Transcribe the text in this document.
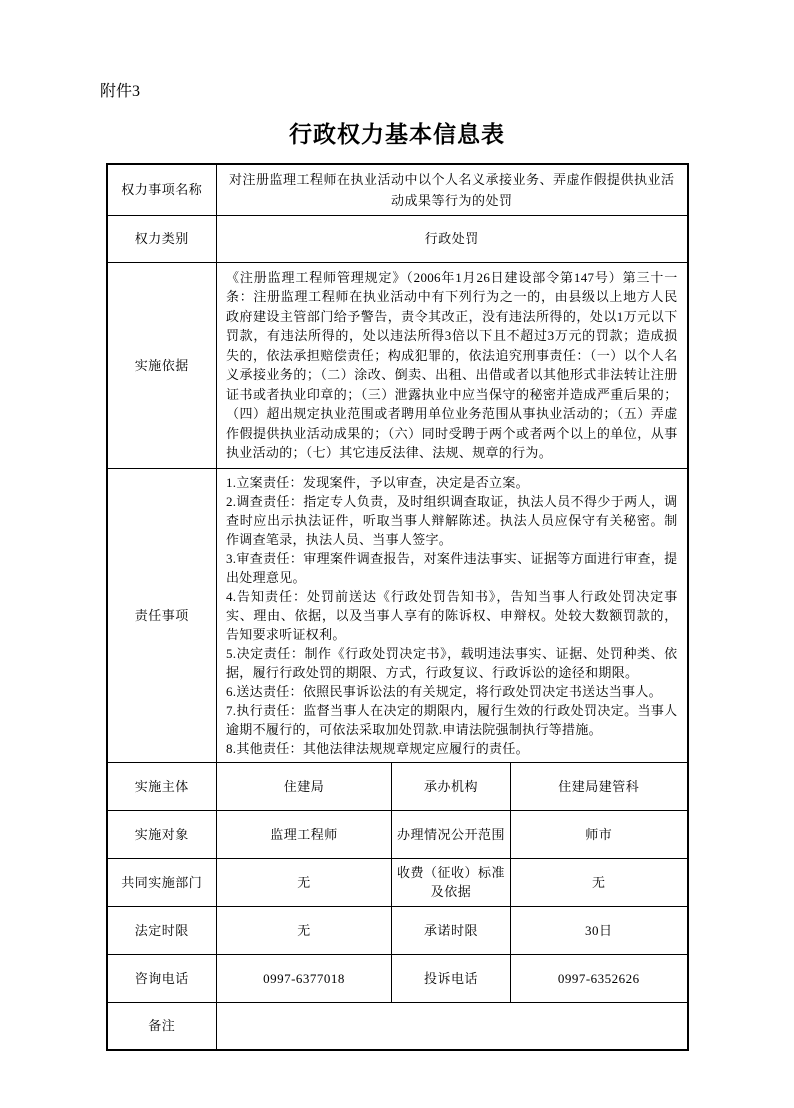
附件3
行政权力基本信息表
权力事项名称	对注册监理工程师在执业活动中以个人名义承接业务、弄虚作假提供执业活动成果等行为的处罚		
权力类别	行政处罚		
实施依据	《注册监理工程师管理规定》（2006年1月26日建设部令第147号）第三十一条：注册监理工程师在执业活动中有下列行为之一的，由县级以上地方人民政府建设主管部门给予警告，责令其改正，没有违法所得的，处以1万元以下罚款，有违法所得的，处以违法所得3倍以下且不超过3万元的罚款；造成损失的，依法承担赔偿责任；构成犯罪的，依法追究刑事责任：（一）以个人名义承接业务的；（二）涂改、倒卖、出租、出借或者以其他形式非法转让注册证书或者执业印章的；（三）泄露执业中应当保守的秘密并造成严重后果的；（四）超出规定执业范围或者聘用单位业务范围从事执业活动的；（五）弄虚作假提供执业活动成果的；（六）同时受聘于两个或者两个以上的单位，从事执业活动的；（七）其它违反法律、法规、规章的行为。		
责任事项	
1.立案责任：发现案件，予以审查，决定是否立案。
2.调查责任：指定专人负责，及时组织调查取证，执法人员不得少于两人，调查时应出示执法证件，听取当事人辩解陈述。执法人员应保守有关秘密。制作调查笔录，执法人员、当事人签字。
3.审查责任：审理案件调查报告，对案件违法事实、证据等方面进行审查，提出处理意见。
4.告知责任：处罚前送达《行政处罚告知书》，告知当事人行政处罚决定事实、理由、依据，以及当事人享有的陈诉权、申辩权。处较大数额罚款的，告知要求听证权利。
5.决定责任：制作《行政处罚决定书》，载明违法事实、证据、处罚种类、依据，履行行政处罚的期限、方式，行政复议、行政诉讼的途径和期限。
6.送达责任：依照民事诉讼法的有关规定，将行政处罚决定书送达当事人。
7.执行责任：监督当事人在决定的期限内，履行生效的行政处罚决定。当事人逾期不履行的，可依法采取加处罚款.申请法院强制执行等措施。
8.其他责任：其他法律法规规章规定应履行的责任。

实施主体	住建局	承办机构	住建局建管科
实施对象	监理工程师	办理情况公开范围	师市
共同实施部门	无	收费（征收）标准及依据	无
法定时限	无	承诺时限	30日
咨询电话	0997-6377018	投诉电话	0997-6352626
备注			
